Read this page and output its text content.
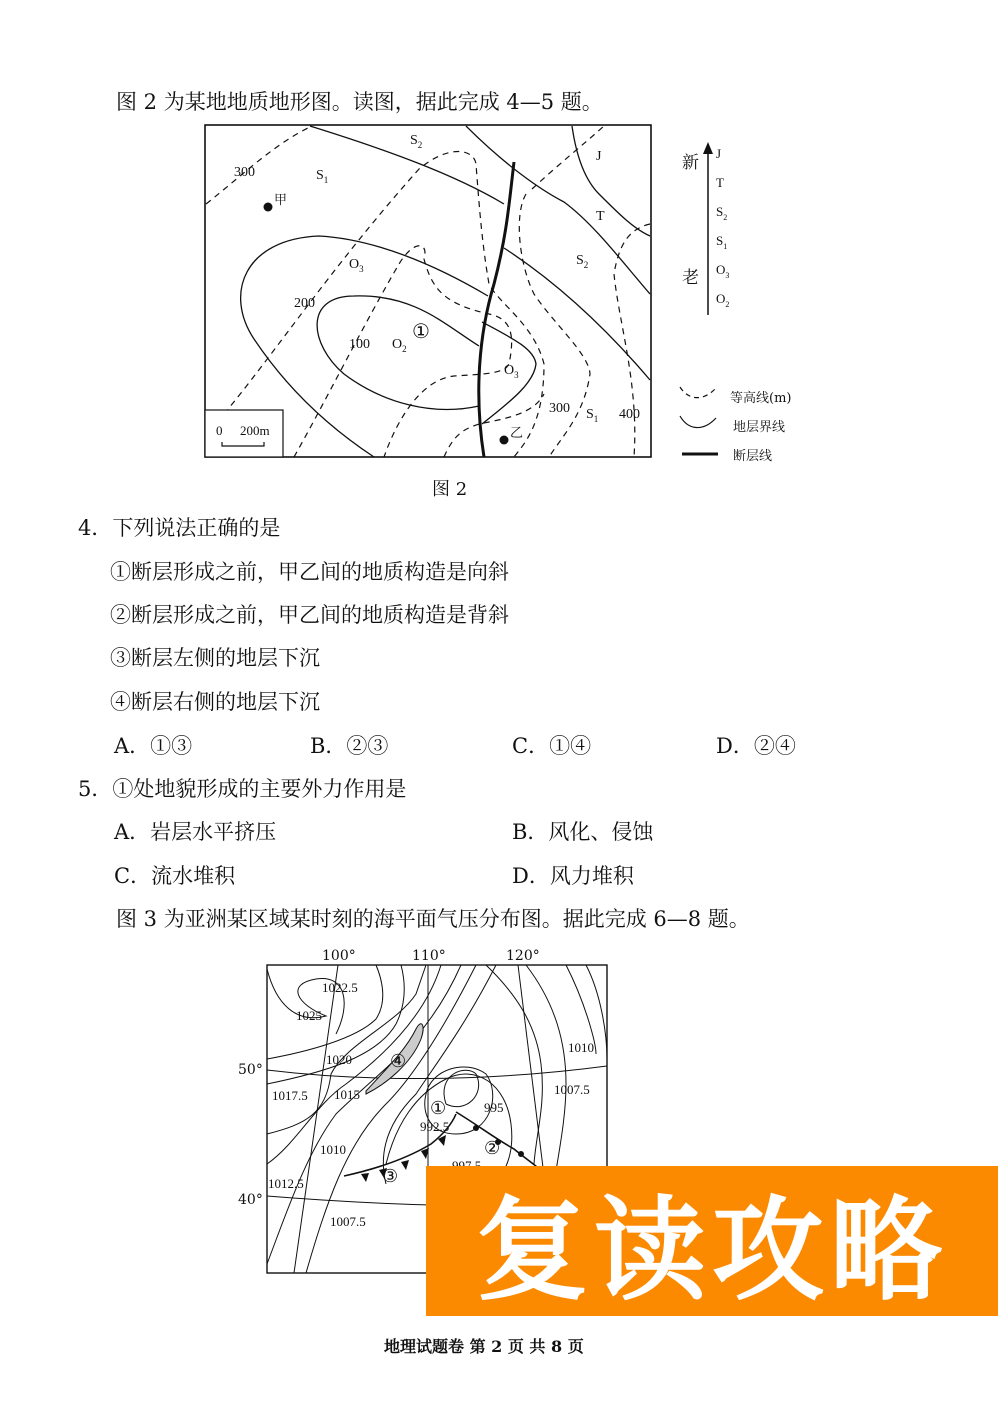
图 2 为某地地质地形图。读图，据此完成 4—5 题。
$S_2$
$S_1$
J
T
$S_2$
$O_3$
$O_2$
$O_3$
$S_1$
300
200
100
300	400
甲
乙
①
0 200m
新
老
J
T
$S_2$
$S_1$
$O_3$
$O_2$
等高线(m)
地层界线
断层线
图 2
4．下列说法正确的是
①断层形成之前，甲乙间的地质构造是向斜
②断层形成之前，甲乙间的地质构造是背斜
③断层左侧的地层下沉
④断层右侧的地层下沉
A．①③	B．②③	C．①④	D．②④
5．①处地貌形成的主要外力作用是
A．岩层水平挤压	B．风化、侵蚀
C．流水堆积	D．风力堆积
图 3 为亚洲某区域某时刻的海平面气压分布图。据此完成 6—8 题。
1022.5
1025
1020
1017.5 1015
1010
1012.5
1007.5
995
992.5
1010
1007.5
①
②
③
④
100°	110°	120°
50°
40°	复读攻略
地理试题卷 第 2 页 共 8 页
